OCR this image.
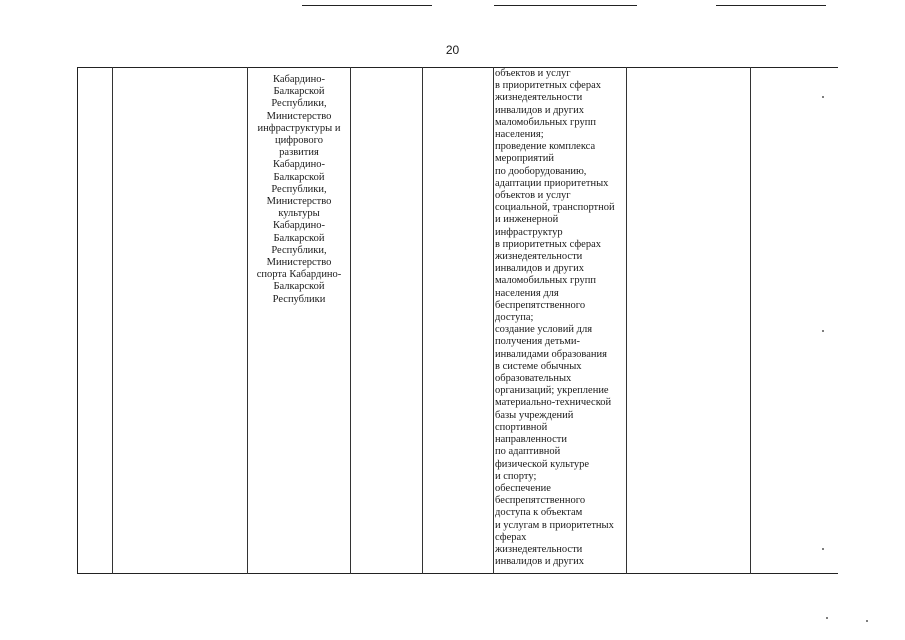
20

Кабардино-
Балкарской
Республики,
Министерство
инфраструктуры и
цифрового
развития
Кабардино-
Балкарской
Республики,
Министерство
культуры
Кабардино-
Балкарской
Республики,
Министерство
спорта Кабардино-
Балкарской
Республики

объектов и услуг
в приоритетных сферах
жизнедеятельности
инвалидов и других
маломобильных групп
населения;
проведение комплекса
мероприятий
по дооборудованию,
адаптации приоритетных
объектов и услуг
социальной, транспортной
и инженерной
инфраструктур
в приоритетных сферах
жизнедеятельности
инвалидов и других
маломобильных групп
населения для
беспрепятственного
доступа;
создание условий для
получения детьми-
инвалидами образования
в системе обычных
образовательных
организаций; укрепление
материально-технической
базы учреждений
спортивной
направленности
по адаптивной
физической культуре
и спорту;
обеспечение
беспрепятственного
доступа к объектам
и услугам в приоритетных
сферах
жизнедеятельности
инвалидов и других
